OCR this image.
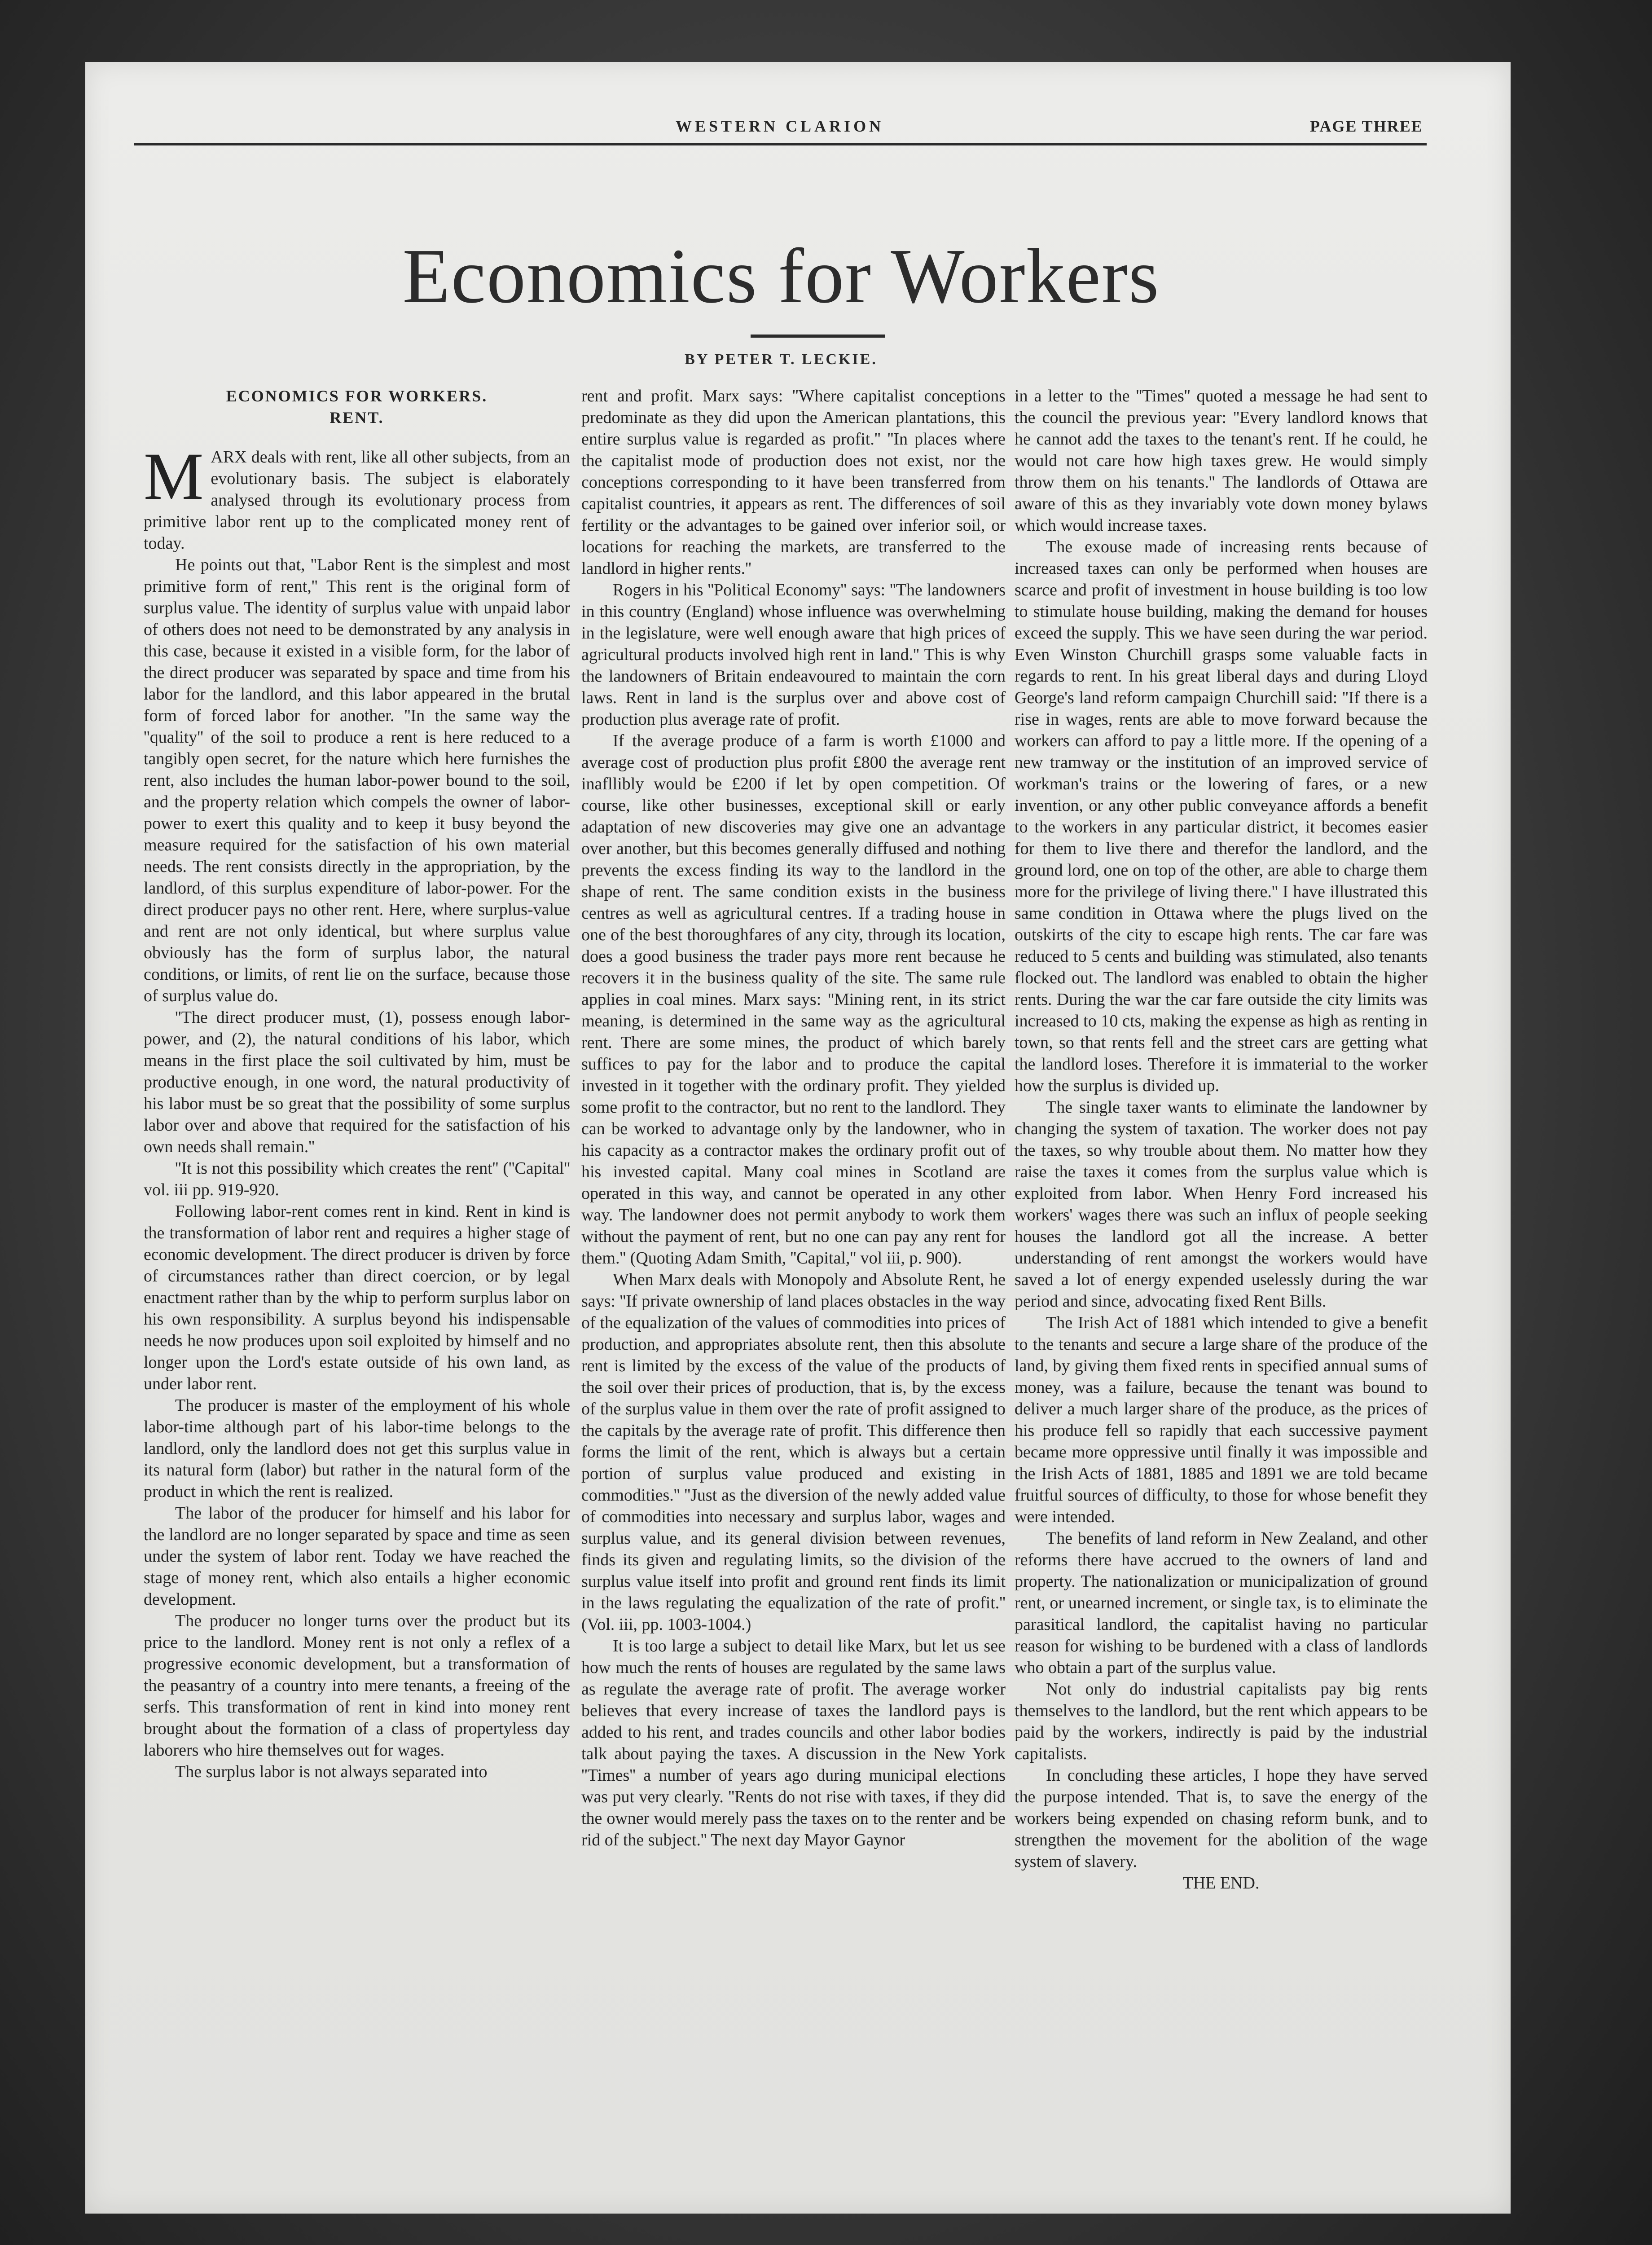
WESTERN CLARION	PAGE THREE
Economics for Workers
BY PETER T. LECKIE.
ECONOMICS FOR WORKERS.
RENT.

MARX deals with rent, like all other subjects, from an evolutionary basis. The subject is elaborately analysed through its evolutionary process from primitive labor rent up to the complicated money rent of today.

He points out that, ''Labor Rent is the simplest and most primitive form of rent,'' This rent is the original form of surplus value. The identity of surplus value with unpaid labor of others does not need to be demonstrated by any analysis in this case, because it existed in a visible form, for the labor of the direct producer was separated by space and time from his labor for the landlord, and this labor appeared in the brutal form of forced labor for another. ''In the same way the ''quality'' of the soil to produce a rent is here reduced to a tangibly open secret, for the nature which here furnishes the rent, also includes the human labor-power bound to the soil, and the property relation which compels the owner of labor-power to exert this quality and to keep it busy beyond the measure required for the satisfaction of his own material needs. The rent consists directly in the appropriation, by the landlord, of this surplus expenditure of labor-power. For the direct producer pays no other rent. Here, where surplus-value and rent are not only identical, but where surplus value obviously has the form of surplus labor, the natural conditions, or limits, of rent lie on the surface, because those of surplus value do.

''The direct producer must, (1), possess enough labor-power, and (2), the natural conditions of his labor, which means in the first place the soil cultivated by him, must be productive enough, in one word, the natural productivity of his labor must be so great that the possibility of some surplus labor over and above that required for the satisfaction of his own needs shall remain.''

''It is not this possibility which creates the rent'' (''Capital'' vol. iii pp. 919-920.

Following labor-rent comes rent in kind. Rent in kind is the transformation of labor rent and requires a higher stage of economic development. The direct producer is driven by force of circumstances rather than direct coercion, or by legal enactment rather than by the whip to perform surplus labor on his own responsibility. A surplus beyond his indispensable needs he now produces upon soil exploited by himself and no longer upon the Lord's estate outside of his own land, as under labor rent.

The producer is master of the employment of his whole labor-time although part of his labor-time belongs to the landlord, only the landlord does not get this surplus value in its natural form (labor) but rather in the natural form of the product in which the rent is realized.

The labor of the producer for himself and his labor for the landlord are no longer separated by space and time as seen under the system of labor rent. Today we have reached the stage of money rent, which also entails a higher economic development.

The producer no longer turns over the product but its price to the landlord. Money rent is not only a reflex of a progressive economic development, but a transformation of the peasantry of a country into mere tenants, a freeing of the serfs. This transformation of rent in kind into money rent brought about the formation of a class of propertyless day laborers who hire themselves out for wages.

The surplus labor is not always separated into

rent and profit. Marx says: ''Where capitalist conceptions predominate as they did upon the American plantations, this entire surplus value is regarded as profit.'' ''In places where the capitalist mode of production does not exist, nor the conceptions corresponding to it have been transferred from capitalist countries, it appears as rent. The differences of soil fertility or the advantages to be gained over inferior soil, or locations for reaching the markets, are transferred to the landlord in higher rents.''

Rogers in his ''Political Economy'' says: ''The landowners in this country (England) whose influence was overwhelming in the legislature, were well enough aware that high prices of agricultural products involved high rent in land.'' This is why the landowners of Britain endeavoured to maintain the corn laws. Rent in land is the surplus over and above cost of production plus average rate of profit.

If the average produce of a farm is worth £1000 and average cost of production plus profit £800 the average rent inafllibly would be £200 if let by open competition. Of course, like other businesses, exceptional skill or early adaptation of new discoveries may give one an advantage over another, but this becomes generally diffused and nothing prevents the excess finding its way to the landlord in the shape of rent. The same condition exists in the business centres as well as agricultural centres. If a trading house in one of the best thoroughfares of any city, through its location, does a good business the trader pays more rent because he recovers it in the business quality of the site. The same rule applies in coal mines. Marx says: ''Mining rent, in its strict meaning, is determined in the same way as the agricultural rent. There are some mines, the product of which barely suffices to pay for the labor and to produce the capital invested in it together with the ordinary profit. They yielded some profit to the contractor, but no rent to the landlord. They can be worked to advantage only by the landowner, who in his capacity as a contractor makes the ordinary profit out of his invested capital. Many coal mines in Scotland are operated in this way, and cannot be operated in any other way. The landowner does not permit anybody to work them without the payment of rent, but no one can pay any rent for them.'' (Quoting Adam Smith, ''Capital,'' vol iii, p. 900).

When Marx deals with Monopoly and Absolute Rent, he says: ''If private ownership of land places obstacles in the way of the equalization of the values of commodities into prices of production, and appropriates absolute rent, then this absolute rent is limited by the excess of the value of the products of the soil over their prices of production, that is, by the excess of the surplus value in them over the rate of profit assigned to the capitals by the average rate of profit. This difference then forms the limit of the rent, which is always but a certain portion of surplus value produced and existing in commodities.'' ''Just as the diversion of the newly added value of commodities into necessary and surplus labor, wages and surplus value, and its general division between revenues, finds its given and regulating limits, so the division of the surplus value itself into profit and ground rent finds its limit in the laws regulating the equalization of the rate of profit.'' (Vol. iii, pp. 1003-1004.)

It is too large a subject to detail like Marx, but let us see how much the rents of houses are regulated by the same laws as regulate the average rate of profit. The average worker believes that every increase of taxes the landlord pays is added to his rent, and trades councils and other labor bodies talk about paying the taxes. A discussion in the New York ''Times'' a number of years ago during municipal elections was put very clearly. ''Rents do not rise with taxes, if they did the owner would merely pass the taxes on to the renter and be rid of the subject.'' The next day Mayor Gaynor

in a letter to the ''Times'' quoted a message he had sent to the council the previous year: ''Every landlord knows that he cannot add the taxes to the tenant's rent. If he could, he would not care how high taxes grew. He would simply throw them on his tenants.'' The landlords of Ottawa are aware of this as they invariably vote down money bylaws which would increase taxes.

The exouse made of increasing rents because of increased taxes can only be performed when houses are scarce and profit of investment in house building is too low to stimulate house building, making the demand for houses exceed the supply. This we have seen during the war period. Even Winston Churchill grasps some valuable facts in regards to rent. In his great liberal days and during Lloyd George's land reform campaign Churchill said: ''If there is a rise in wages, rents are able to move forward because the workers can afford to pay a little more. If the opening of a new tramway or the institution of an improved service of workman's trains or the lowering of fares, or a new invention, or any other public conveyance affords a benefit to the workers in any particular district, it becomes easier for them to live there and therefor the landlord, and the ground lord, one on top of the other, are able to charge them more for the privilege of living there.'' I have illustrated this same condition in Ottawa where the plugs lived on the outskirts of the city to escape high rents. The car fare was reduced to 5 cents and building was stimulated, also tenants flocked out. The landlord was enabled to obtain the higher rents. During the war the car fare outside the city limits was increased to 10 cts, making the expense as high as renting in town, so that rents fell and the street cars are getting what the landlord loses. Therefore it is immaterial to the worker how the surplus is divided up.

The single taxer wants to eliminate the landowner by changing the system of taxation. The worker does not pay the taxes, so why trouble about them. No matter how they raise the taxes it comes from the surplus value which is exploited from labor. When Henry Ford increased his workers' wages there was such an influx of people seeking houses the landlord got all the increase. A better understanding of rent amongst the workers would have saved a lot of energy expended uselessly during the war period and since, advocating fixed Rent Bills.

The Irish Act of 1881 which intended to give a benefit to the tenants and secure a large share of the produce of the land, by giving them fixed rents in specified annual sums of money, was a failure, because the tenant was bound to deliver a much larger share of the produce, as the prices of his produce fell so rapidly that each successive payment became more oppressive until finally it was impossible and the Irish Acts of 1881, 1885 and 1891 we are told became fruitful sources of difficulty, to those for whose benefit they were intended.

The benefits of land reform in New Zealand, and other reforms there have accrued to the owners of land and property. The nationalization or municipalization of ground rent, or unearned increment, or single tax, is to eliminate the parasitical landlord, the capitalist having no particular reason for wishing to be burdened with a class of landlords who obtain a part of the surplus value.

Not only do industrial capitalists pay big rents themselves to the landlord, but the rent which appears to be paid by the workers, indirectly is paid by the industrial capitalists.

In concluding these articles, I hope they have served the purpose intended. That is, to save the energy of the workers being expended on chasing reform bunk, and to strengthen the movement for the abolition of the wage system of slavery.

THE END.
